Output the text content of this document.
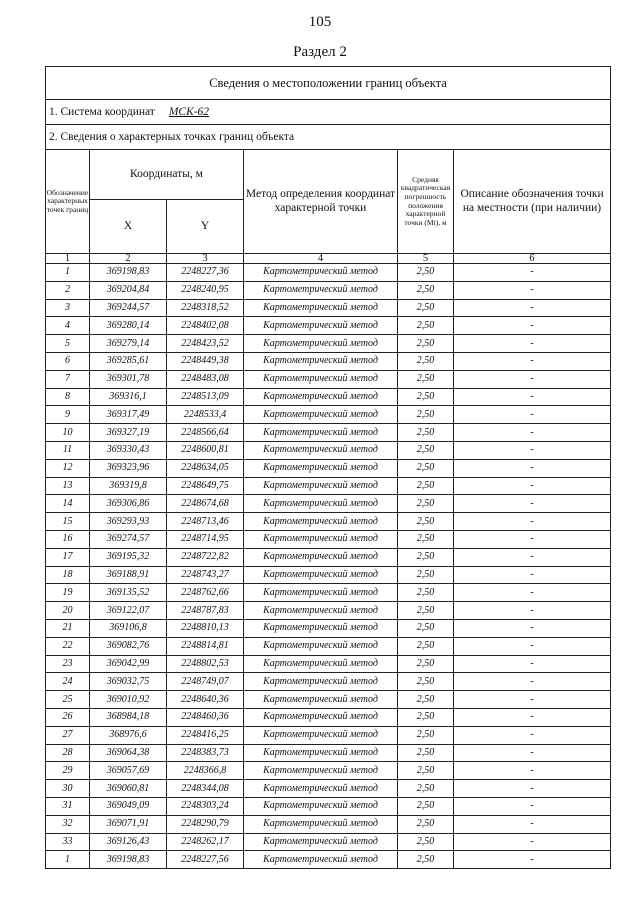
105
Раздел 2
Сведения о местоположении границ объекта					
1. Система координат МСК-62					
2. Сведения о характерных точках границ объекта					
Обозначение характерных точек границ	Координаты, м		Метод определения координат характерной точки	Средняя квадратическая погрешность положения характерной точки (Mt), м	Описание обозначения точки на местности (при наличии)
	X	Y			
1	2	3	4	5	6
1	369198,83	2248227,36	Картометрический метод	2,50	-
2	369204,84	2248240,95	Картометрический метод	2,50	-
3	369244,57	2248318,52	Картометрический метод	2,50	-
4	369280,14	2248402,08	Картометрический метод	2,50	-
5	369279,14	2248423,52	Картометрический метод	2,50	-
6	369285,61	2248449,38	Картометрический метод	2,50	-
7	369301,78	2248483,08	Картометрический метод	2,50	-
8	369316,1	2248513,09	Картометрический метод	2,50	-
9	369317,49	2248533,4	Картометрический метод	2,50	-
10	369327,19	2248566,64	Картометрический метод	2,50	-
11	369330,43	2248600,81	Картометрический метод	2,50	-
12	369323,96	2248634,05	Картометрический метод	2,50	-
13	369319,8	2248649,75	Картометрический метод	2,50	-
14	369306,86	2248674,68	Картометрический метод	2,50	-
15	369293,93	2248713,46	Картометрический метод	2,50	-
16	369274,57	2248714,95	Картометрический метод	2,50	-
17	369195,32	2248722,82	Картометрический метод	2,50	-
18	369188,91	2248743,27	Картометрический метод	2,50	-
19	369135,52	2248762,66	Картометрический метод	2,50	-
20	369122,07	2248787,83	Картометрический метод	2,50	-
21	369106,8	2248810,13	Картометрический метод	2,50	-
22	369082,76	2248814,81	Картометрический метод	2,50	-
23	369042,99	2248802,53	Картометрический метод	2,50	-
24	369032,75	2248749,07	Картометрический метод	2,50	-
25	369010,92	2248640,36	Картометрический метод	2,50	-
26	368984,18	2248460,36	Картометрический метод	2,50	-
27	368976,6	2248416,25	Картометрический метод	2,50	-
28	369064,38	2248383,73	Картометрический метод	2,50	-
29	369057,69	2248366,8	Картометрический метод	2,50	-
30	369060,81	2248344,08	Картометрический метод	2,50	-
31	369049,09	2248303,24	Картометрический метод	2,50	-
32	369071,91	2248290,79	Картометрический метод	2,50	-
33	369126,43	2248262,17	Картометрический метод	2,50	-
1	369198,83	2248227,56	Картометрический метод	2,50	-
